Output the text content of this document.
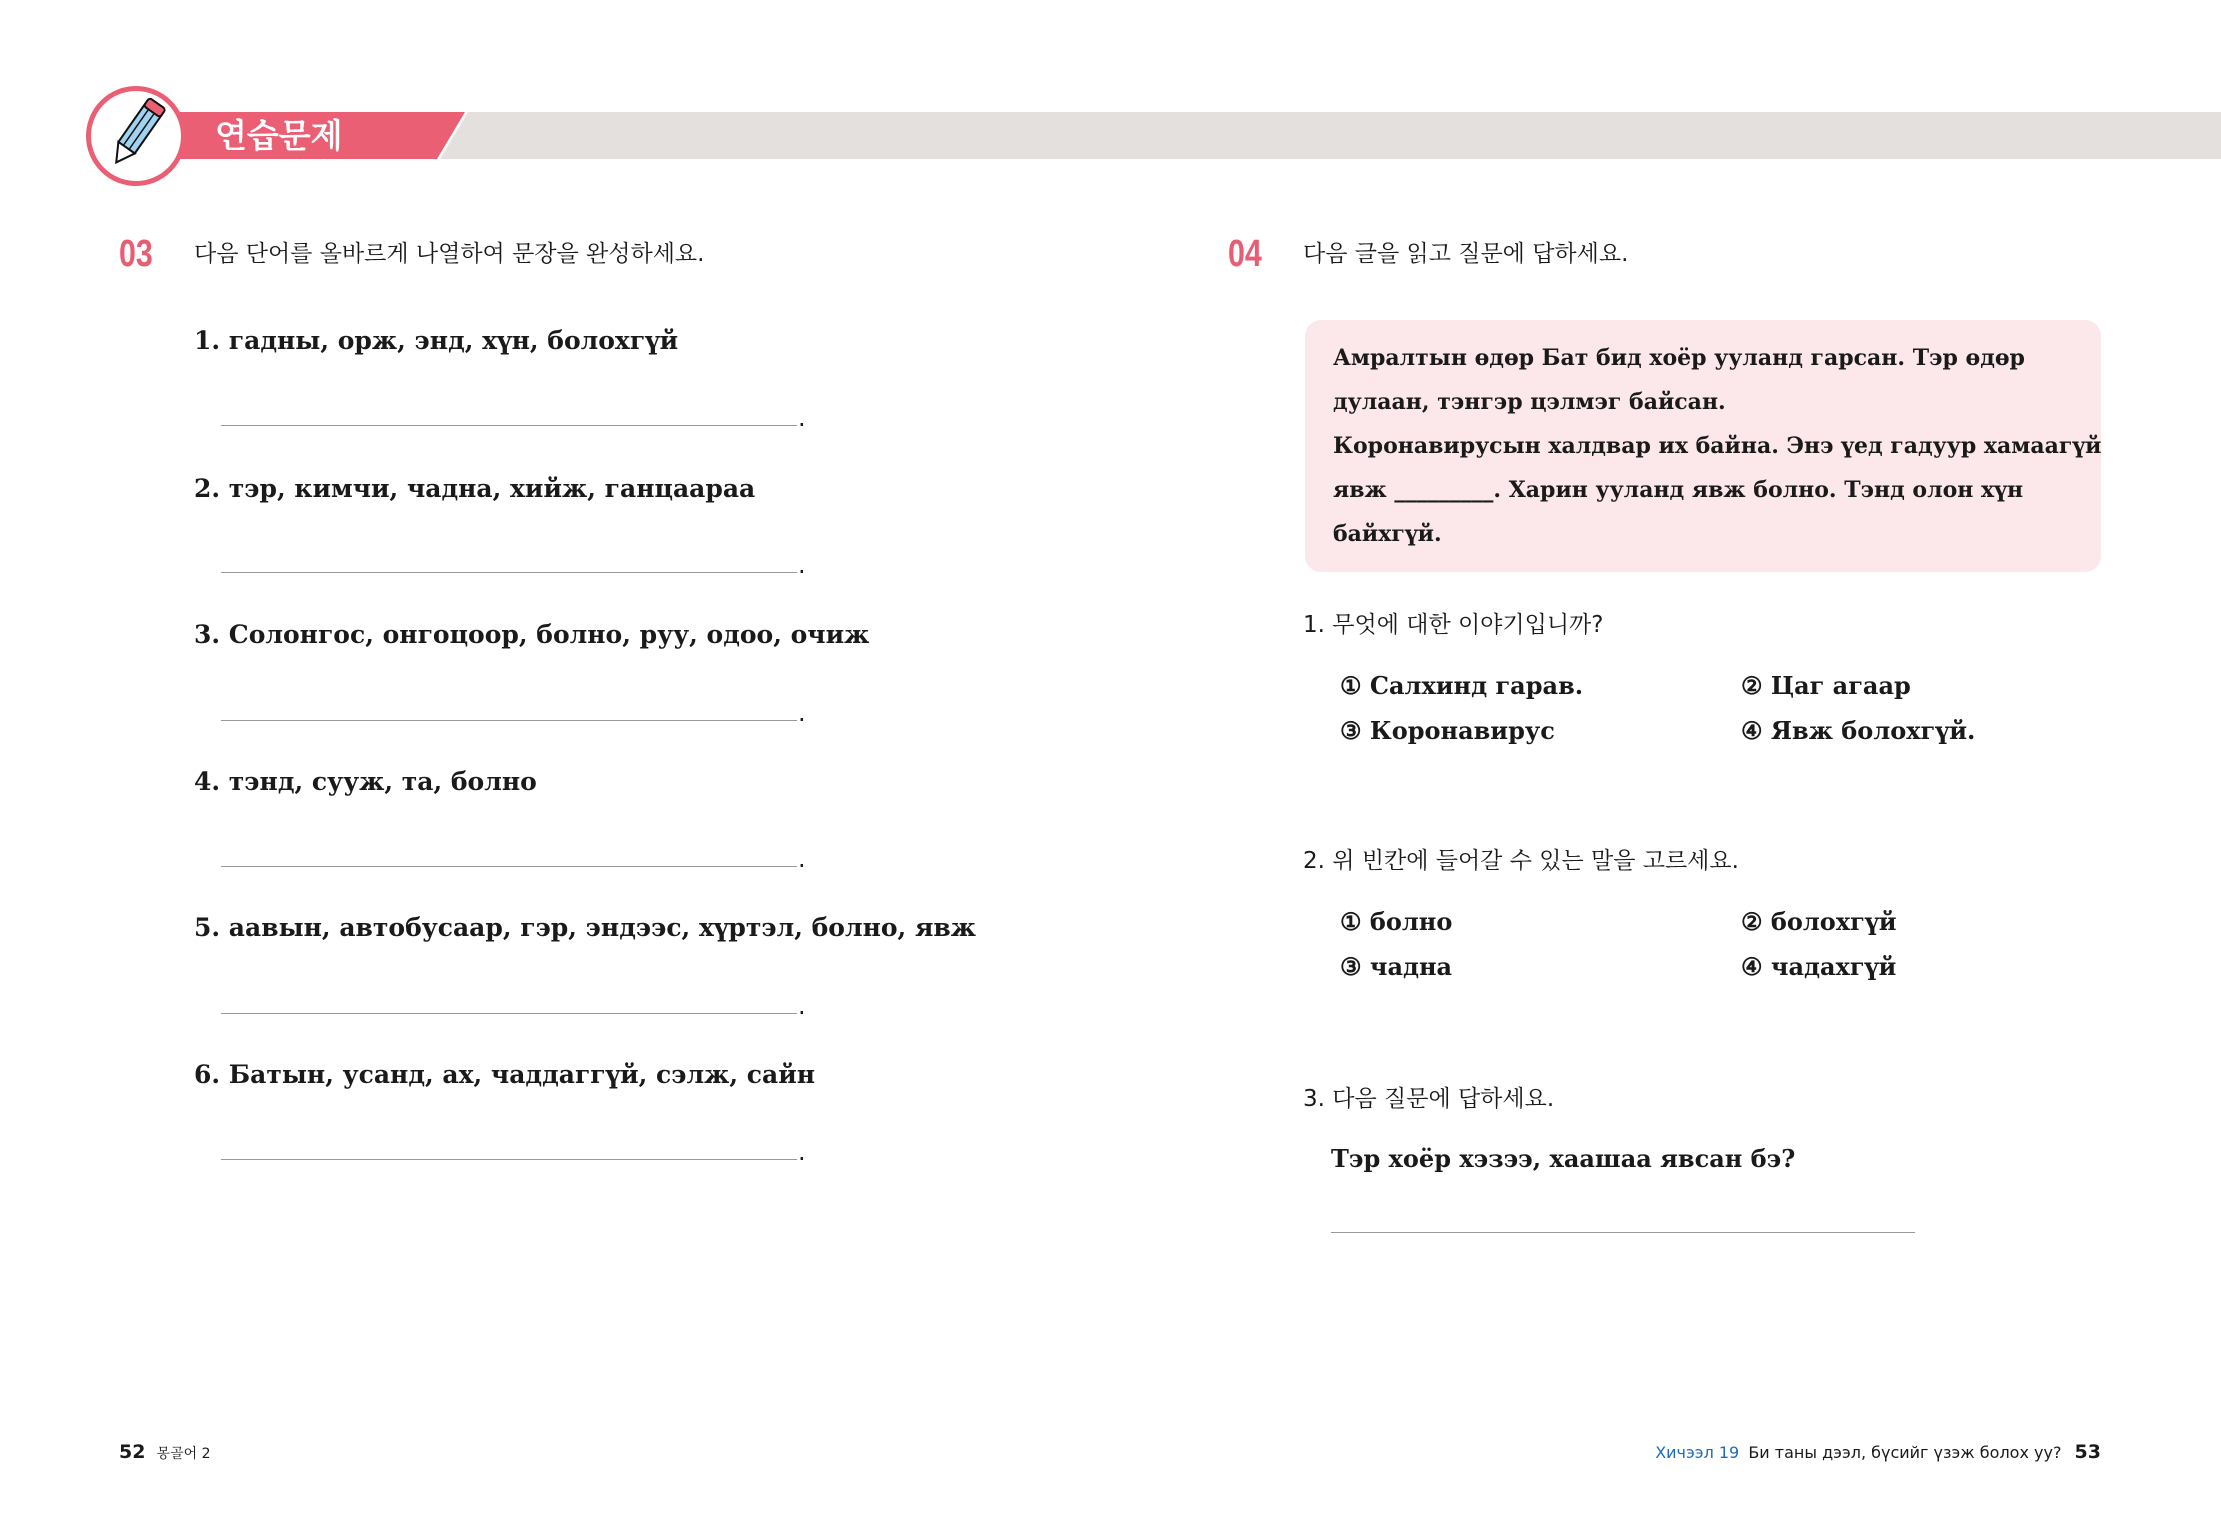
연습문제
03 다음 단어를 올바르게 나열하여 문장을 완성하세요.
1. гадны, орж, энд, хүн, болохгүй
.
2. тэр, кимчи, чадна, хийж, ганцаараа
.
3. Солонгос, онгоцоор, болно, руу, одоо, очиж
.
4. тэнд, сууж, та, болно
.
5. аавын, автобусаар, гэр, эндээс, хүртэл, болно, явж
.
6. Батын, усанд, ах, чаддаггүй, сэлж, сайн
.
04 다음 글을 읽고 질문에 답하세요.
Амралтын өдөр Бат бид хоёр ууланд гарсан. Тэр өдөр
дулаан, тэнгэр цэлмэг байсан.
Коронавирусын халдвар их байна. Энэ үед гадуур хамаагүй
явж _________. Харин ууланд явж болно. Тэнд олон хүн
байхгүй.
1. 무엇에 대한 이야기입니까?
① Салхинд гарав.	② Цаг агаар
③ Коронавирус	④ Явж болохгүй.
2. 위 빈칸에 들어갈 수 있는 말을 고르세요.
① болно	② болохгүй
③ чадна	④ чадахгүй
3. 다음 질문에 답하세요.
Тэр хоёр хэзээ, хаашаа явсан бэ?
52 몽골어 2	Хичээл 19 Би таны дээл, бүсийг үзэж болох уу? 53
